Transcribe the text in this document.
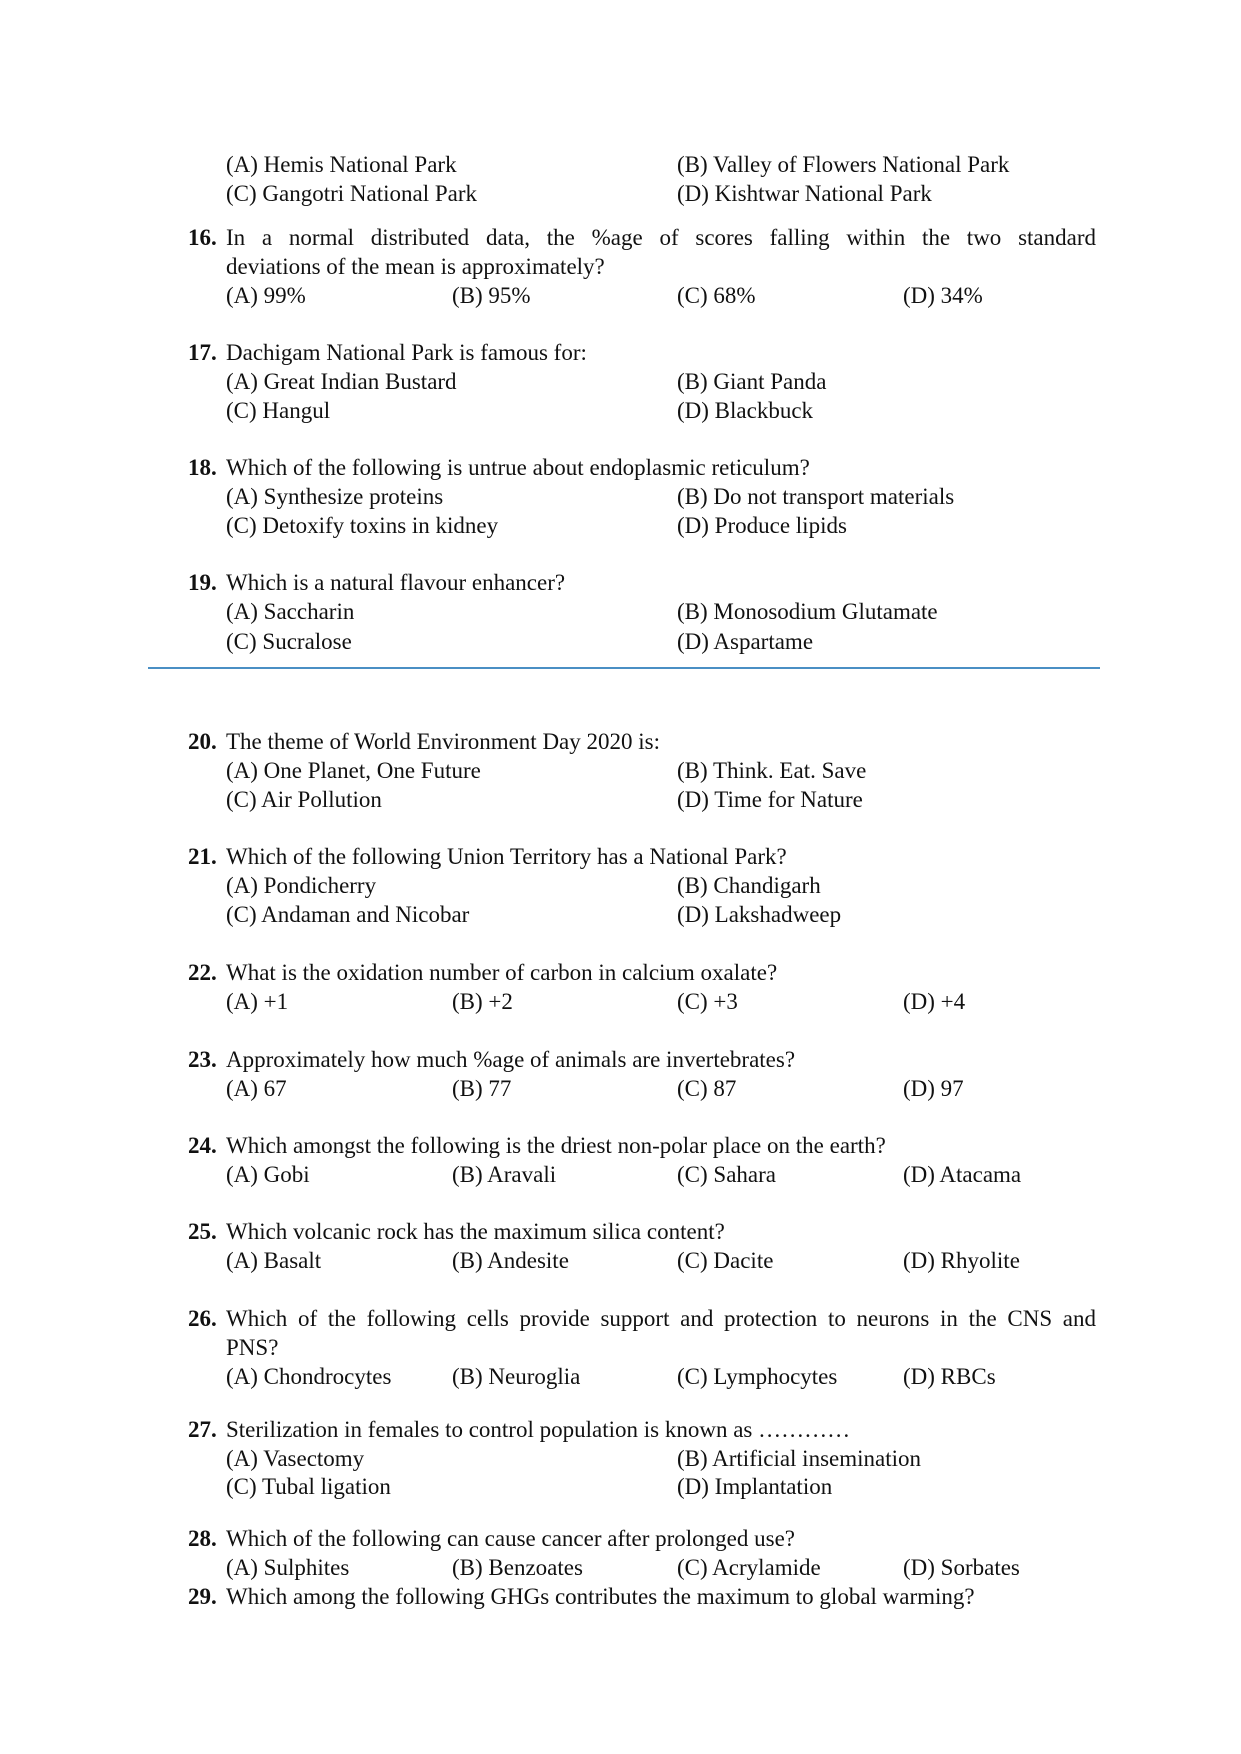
(A) Hemis National Park	(B) Valley of Flowers National Park
(C) Gangotri National Park	(D) Kishtwar National Park
16. In a normal distributed data, the %age of scores falling within the two standard
deviations of the mean is approximately?
(A) 99%	(B) 95%	(C) 68%	(D) 34%
17. Dachigam National Park is famous for:
(A) Great Indian Bustard	(B) Giant Panda
(C) Hangul	(D) Blackbuck
18. Which of the following is untrue about endoplasmic reticulum?
(A) Synthesize proteins	(B) Do not transport materials
(C) Detoxify toxins in kidney	(D) Produce lipids
19. Which is a natural flavour enhancer?
(A) Saccharin	(B) Monosodium Glutamate
(C) Sucralose	(D) Aspartame
20. The theme of World Environment Day 2020 is:
(A) One Planet, One Future	(B) Think. Eat. Save
(C) Air Pollution	(D) Time for Nature
21. Which of the following Union Territory has a National Park?
(A) Pondicherry	(B) Chandigarh
(C) Andaman and Nicobar	(D) Lakshadweep
22. What is the oxidation number of carbon in calcium oxalate?
(A) +1	(B) +2	(C) +3	(D) +4
23. Approximately how much %age of animals are invertebrates?
(A) 67	(B) 77	(C) 87	(D) 97
24. Which amongst the following is the driest non-polar place on the earth?
(A) Gobi	(B) Aravali	(C) Sahara	(D) Atacama
25. Which volcanic rock has the maximum silica content?
(A) Basalt	(B) Andesite	(C) Dacite	(D) Rhyolite
26. Which of the following cells provide support and protection to neurons in the CNS and
PNS?
(A) Chondrocytes	(B) Neuroglia	(C) Lymphocytes	(D) RBCs
27. Sterilization in females to control population is known as …………
(A) Vasectomy	(B) Artificial insemination
(C) Tubal ligation	(D) Implantation
28. Which of the following can cause cancer after prolonged use?
(A) Sulphites	(B) Benzoates	(C) Acrylamide	(D) Sorbates
29. Which among the following GHGs contributes the maximum to global warming?
